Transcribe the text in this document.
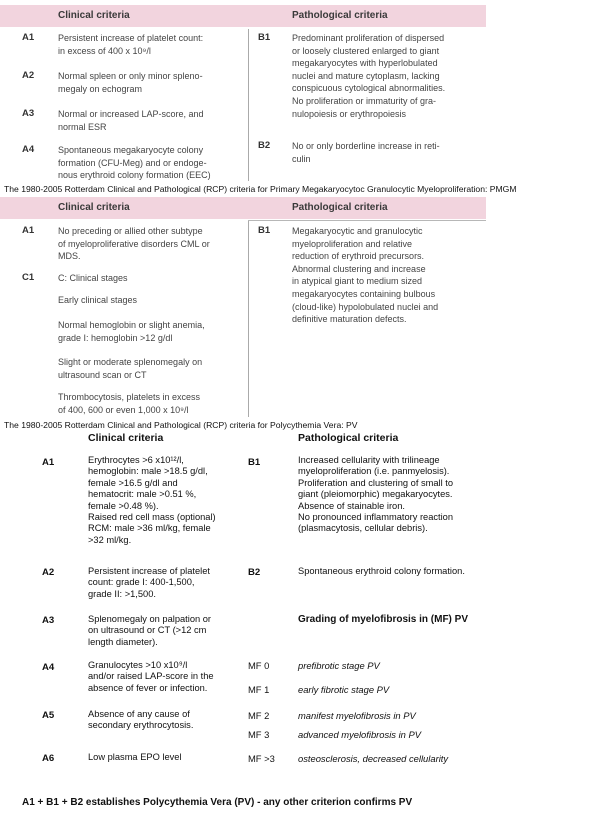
Clinical criteria	Pathological criteria
A1	Persistent increase of platelet count:
in excess of 400 x 10⁹/l
A2	Normal spleen or only minor spleno-
megaly on echogram
A3	Normal or increased LAP-score, and
normal ESR
A4	Spontaneous megakaryocyte colony
formation (CFU-Meg) and or endoge-
nous erythroid colony formation (EEC)
B1 Predominant proliferation of dispersed
or loosely clustered enlarged to giant
megakaryocytes with hyperlobulated
nuclei and mature cytoplasm, lacking
conspicuous cytological abnormalities.
No proliferation or immaturity of gra-
nulopoiesis or erythropoiesis
B2 No or only borderline increase in reti-
culin
The 1980-2005 Rotterdam Clinical and Pathological (RCP) criteria for Primary Megakaryocytoc Granulocytic Myeloproliferation: PMGM
Clinical criteria	Pathological criteria
A1	No preceding or allied other subtype
of myeloproliferative disorders CML or
MDS.
C1	C: Clinical stages
Early clinical stages
Normal hemoglobin or slight anemia,
grade I: hemoglobin >12 g/dl
Slight or moderate splenomegaly on
ultrasound scan or CT
Thrombocytosis, platelets in excess
of 400, 600 or even 1,000 x 10⁹/l
B1 Megakaryocytic and granulocytic
myeloproliferation and relative
reduction of erythroid precursors.
Abnormal clustering and increase
in atypical giant to medium sized
megakaryocytes containing bulbous
(cloud-like) hypolobulated nuclei and
definitive maturation defects.
The 1980-2005 Rotterdam Clinical and Pathological (RCP) criteria for Polycythemia Vera: PV
Clinical criteria	Pathological criteria
A1	Erythrocytes >6 x10¹²/l,
hemoglobin: male >18.5 g/dl,
female >16.5 g/dl and
hematocrit: male >0.51 %,
female >0.48 %).
Raised red cell mass (optional)
RCM: male >36 ml/kg, female
>32 ml/kg.
A2	Persistent increase of platelet
count: grade I: 400-1,500,
grade II: >1,500.
A3	Splenomegaly on palpation or
on ultrasound or CT (>12 cm
length diameter).
A4	Granulocytes >10 x10⁹/l
and/or raised LAP-score in the
absence of fever or infection.
A5	Absence of any cause of
secondary erythrocytosis.
A6	Low plasma EPO level
B1	Increased cellularity with trilineage
myeloproliferation (i.e. panmyelosis).
Proliferation and clustering of small to
giant (pleiomorphic) megakaryocytes.
Absence of stainable iron.
No pronounced inflammatory reaction
(plasmacytosis, cellular debris).
B2	Spontaneous erythroid colony formation.
Grading of myelofibrosis in (MF) PV
MF 0	prefibrotic stage PV
MF 1	early fibrotic stage PV
MF 2	manifest myelofibrosis in PV
MF 3	advanced myelofibrosis in PV
MF >3 osteosclerosis, decreased cellularity
A1 + B1 + B2 establishes Polycythemia Vera (PV) - any other criterion confirms PV
